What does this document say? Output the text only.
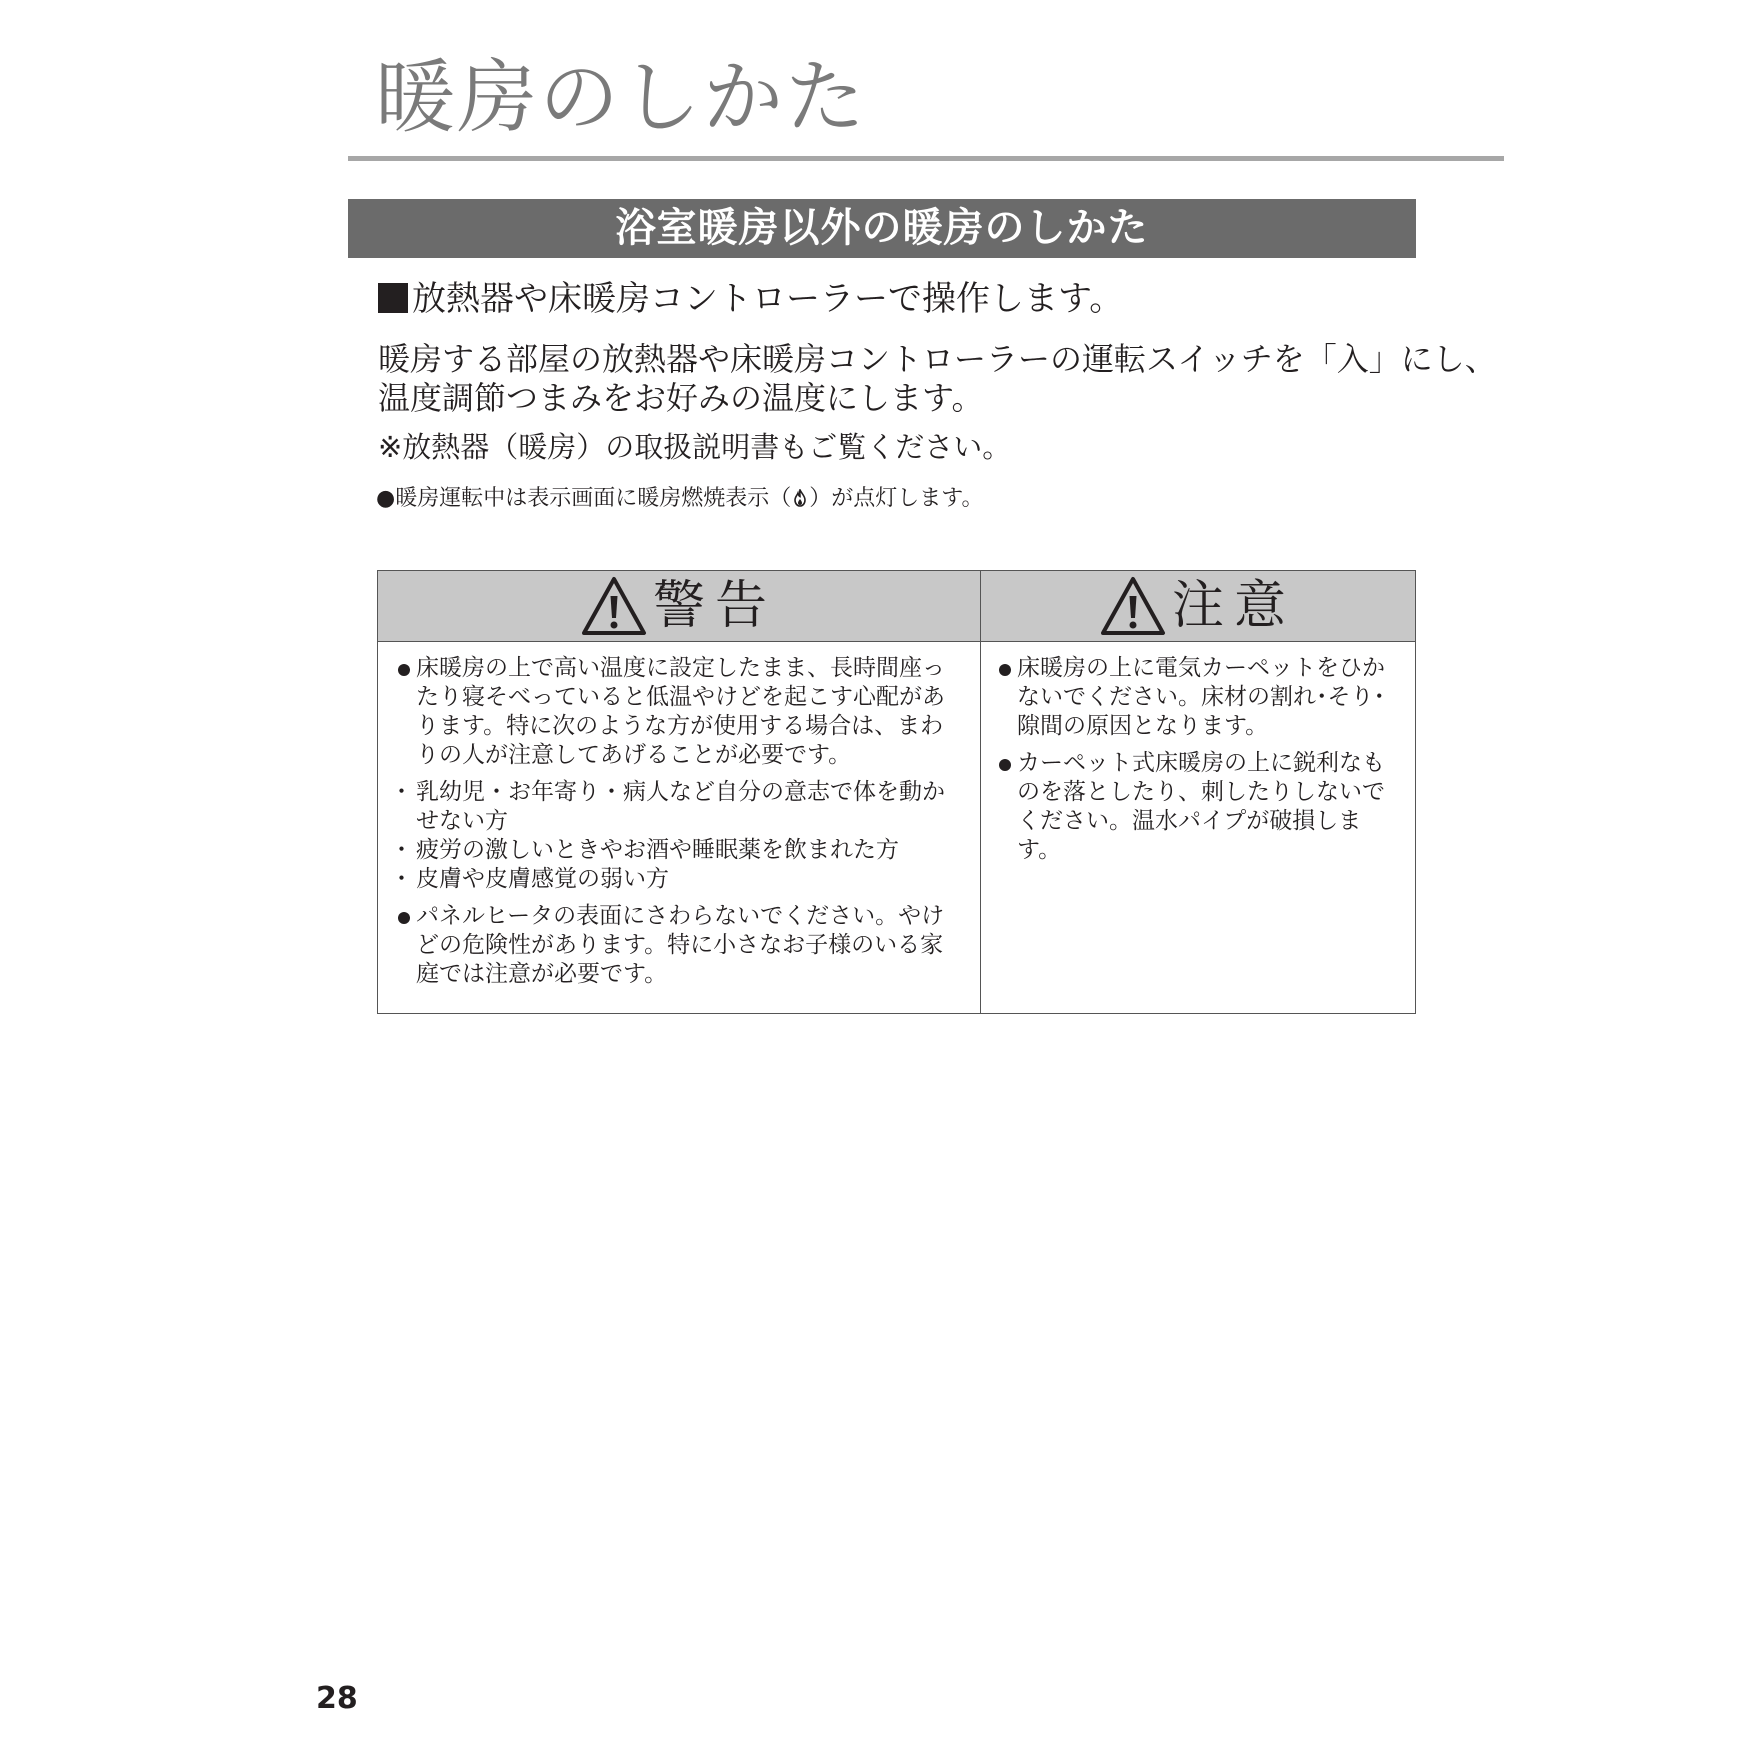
暖房のしかた
浴室暖房以外の暖房のしかた
放熱器や床暖房コントローラーで操作します。
暖房する部屋の放熱器や床暖房コントローラーの運転スイッチを「入」にし、
温度調節つまみをお好みの温度にします。
※放熱器（暖房）の取扱説明書もご覧ください。
●暖房運転中は表示画面に暖房燃焼表示（ ）が点灯します。
警告
床暖房の上で高い温度に設定したまま、長時間座ったり寝そべっていると低温やけどを起こす心配があります。特に次のような方が使用する場合は、まわりの人が注意してあげることが必要です。
・ 乳幼児・お年寄り・病人など自分の意志で体を動かせない方
・ 疲労の激しいときやお酒や睡眠薬を飲まれた方
・ 皮膚や皮膚感覚の弱い方
パネルヒータの表面にさわらないでください。やけどの危険性があります。特に小さなお子様のいる家庭では注意が必要です。
注意
床暖房の上に電気カーペットをひかないでください。床材の割れ･そり･隙間の原因となります。
カーペット式床暖房の上に鋭利なものを落としたり、刺したりしないでください。温水パイプが破損します。
28
